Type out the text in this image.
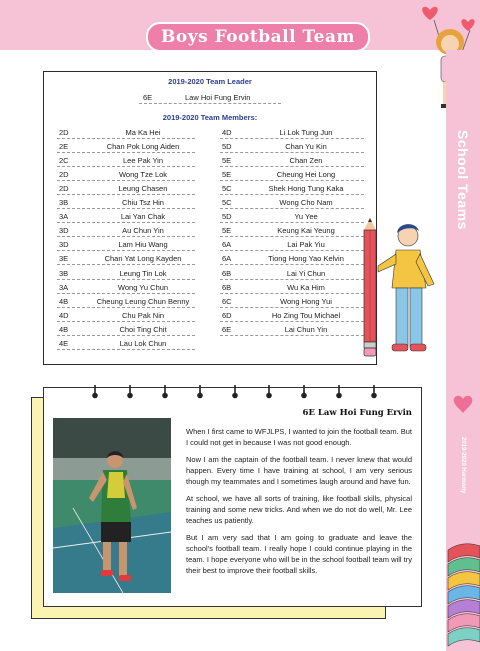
Boys Football Team
School Teams
2019-2020 Harmony
2019-2020 Team Leader
6E	Law Hoi Fung Ervin
2019-2020 Team Members:
2D	Ma Ka Hei
2E	Chan Pok Long Aiden
2C	Lee Pak Yin
2D	Wong Tze Lok
2D	Leung Chasen
3B	Chiu Tsz Hin
3A	Lai Yan Chak
3D	Au Chun Yin
3D	Lam Hiu Wang
3E	Chan Yat Long Kayden
3B	Leung Tin Lok
3A	Wong Yu Chun
4B	Cheung Leung Chun Benny
4D	Chu Pak Nin
4B	Choi Ting Chit
4E	Lau Lok Chun
4D	Li Lok Tung Jun
5D	Chan Yu Kin
5E	Chan Zen
5E	Cheung Hei Long
5C	Shek Hong Tung Kaka
5C	Wong Cho Nam
5D	Yu Yee
5E	Keung Kai Yeung
6A	Lai Pak Yiu
6A	Tiong Hong Yao Kelvin
6B	Lai Yi Chun
6B	Wu Ka Him
6C	Wong Hong Yui
6D	Ho Zing Tou Michael
6E	Lai Chun Yin
6E Law Hoi Fung Ervin

When I first came to WFJLPS, I wanted to join the football team. But I could not get in because I was not good enough.

Now I am the captain of the football team. I never knew that would happen. Every time I have training at school, I am very serious though my teammates and I sometimes laugh around and have fun.

At school, we have all sorts of training, like football skills, physical training and some new tricks. And when we do not do well, Mr. Lee teaches us patiently.

But I am very sad that I am going to graduate and leave the school's football team. I really hope I could continue playing in the team. I hope everyone who will be in the school football team will try their best to improve their football skills.
